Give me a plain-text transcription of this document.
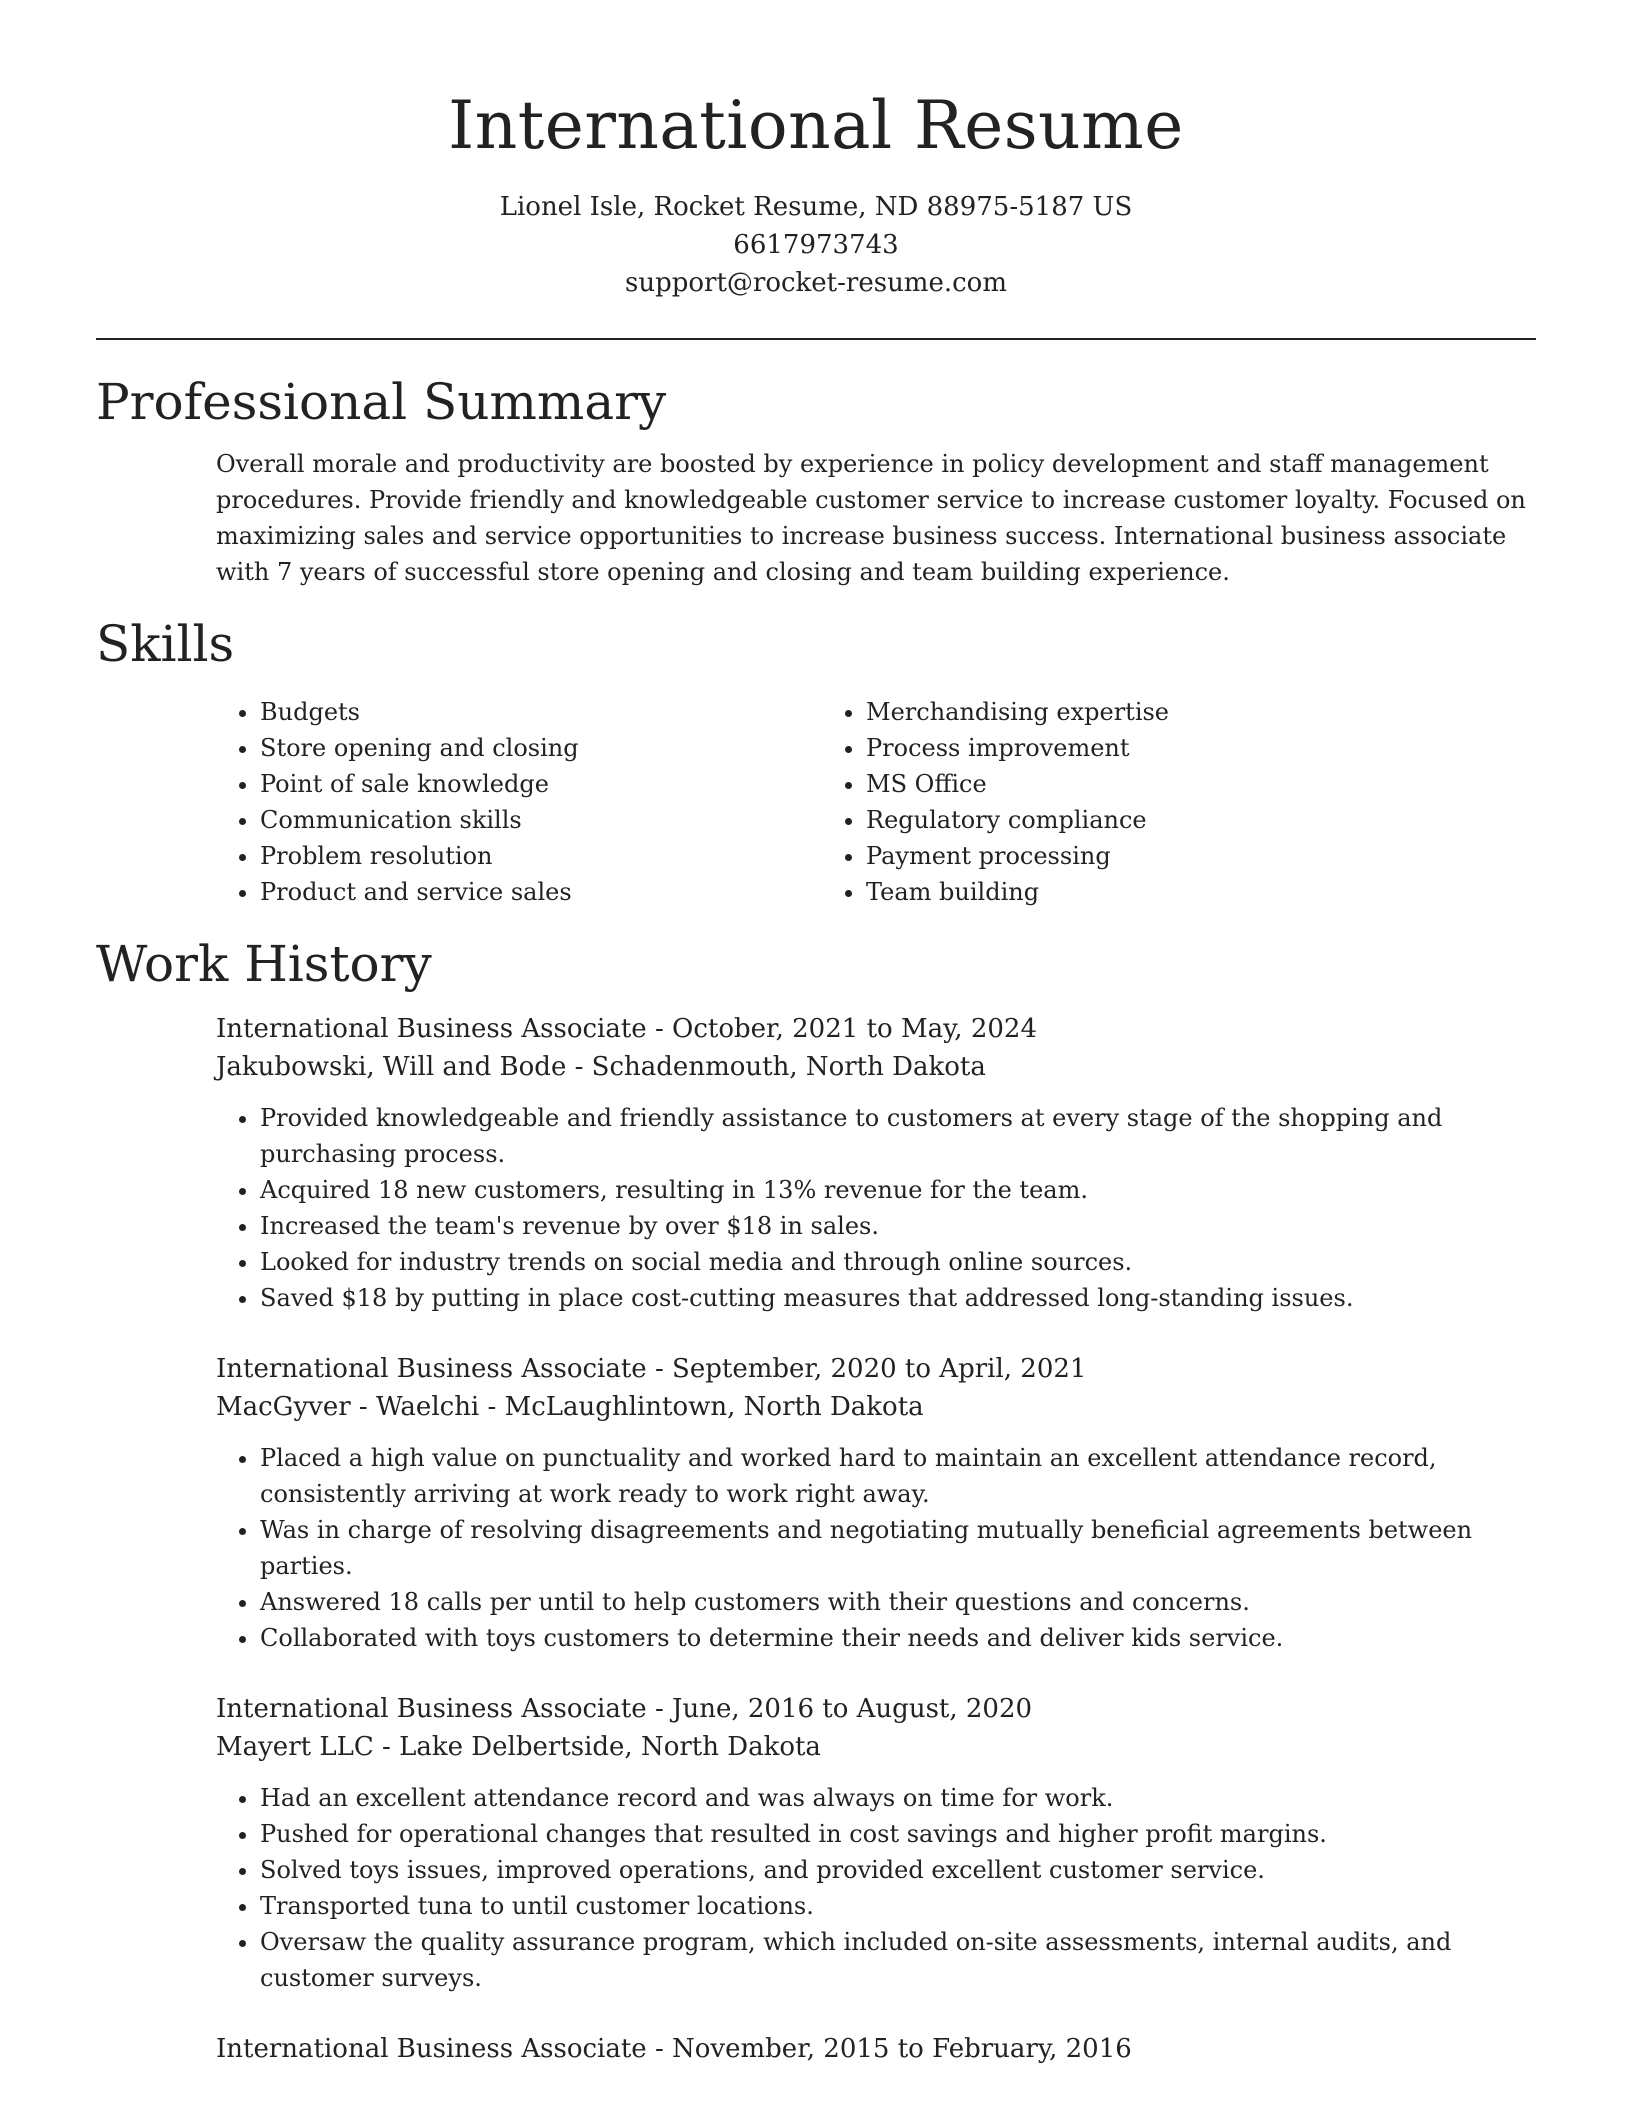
International Resume

Lionel Isle, Rocket Resume, ND 88975-5187 US

6617973743

support@rocket-resume.com

Professional Summary

Overall morale and productivity are boosted by experience in policy development and staff management procedures. Provide friendly and knowledgeable customer service to increase customer loyalty. Focused on maximizing sales and service opportunities to increase business success. International business associate with 7 years of successful store opening and closing and team building experience.

Skills
• Budgets
• Store opening and closing
• Point of sale knowledge
• Communication skills
• Problem resolution
• Product and service sales
• Merchandising expertise
• Process improvement
• MS Office
• Regulatory compliance
• Payment processing
• Team building
Work History

International Business Associate - October, 2021 to May, 2024

Jakubowski, Will and Bode - Schadenmouth, North Dakota

• Provided knowledgeable and friendly assistance to customers at every stage of the shopping and purchasing process.
• Acquired 18 new customers, resulting in 13% revenue for the team.
• Increased the team's revenue by over $18 in sales.
• Looked for industry trends on social media and through online sources.
• Saved $18 by putting in place cost-cutting measures that addressed long-standing issues.

International Business Associate - September, 2020 to April, 2021

MacGyver - Waelchi - McLaughlintown, North Dakota

• Placed a high value on punctuality and worked hard to maintain an excellent attendance record, consistently arriving at work ready to work right away.
• Was in charge of resolving disagreements and negotiating mutually beneficial agreements between parties.
• Answered 18 calls per until to help customers with their questions and concerns.
• Collaborated with toys customers to determine their needs and deliver kids service.

International Business Associate - June, 2016 to August, 2020

Mayert LLC - Lake Delbertside, North Dakota

• Had an excellent attendance record and was always on time for work.
• Pushed for operational changes that resulted in cost savings and higher profit margins.
• Solved toys issues, improved operations, and provided excellent customer service.
• Transported tuna to until customer locations.
• Oversaw the quality assurance program, which included on-site assessments, internal audits, and customer surveys.

International Business Associate - November, 2015 to February, 2016
